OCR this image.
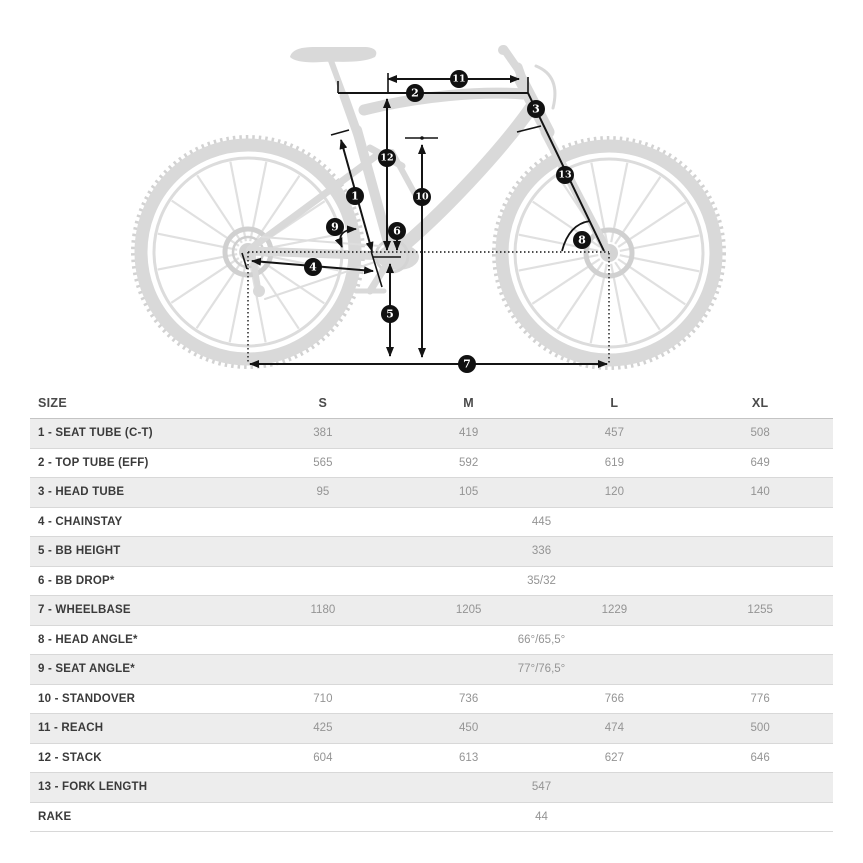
1
2
3
4
5
6
7
8
9
10
11
12
13
SIZE	S	M	L	XL
1 - SEAT TUBE (C-T)	381	419	457	508
2 - TOP TUBE (EFF)	565	592	619	649
3 - HEAD TUBE	95	105	120	140
4 - CHAINSTAY	445			
5 - BB HEIGHT	336			
6 - BB DROP*	35/32			
7 - WHEELBASE	1180	1205	1229	1255
8 - HEAD ANGLE*	66°/65,5°			
9 - SEAT ANGLE*	77°/76,5°			
10 - STANDOVER	710	736	766	776
11 - REACH	425	450	474	500
12 - STACK	604	613	627	646
13 - FORK LENGTH	547			
RAKE	44			
